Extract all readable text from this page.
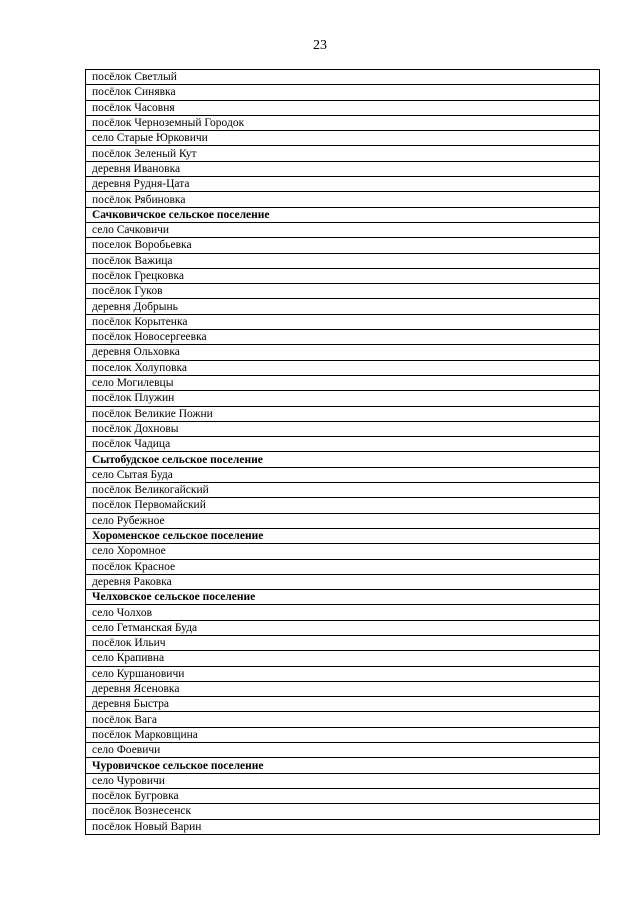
23
посёлок Светлый
посёлок Синявка
посёлок Часовня
посёлок Черноземный Городок
село Старые Юрковичи
посёлок Зеленый Кут
деревня Ивановка
деревня Рудня-Цата
посёлок Рябиновка
Сачковичское сельское поселение
село Сачковичи
поселок Воробьевка
посёлок Важица
посёлок Грецковка
посёлок Гуков
деревня Добрынь
посёлок Корытенка
посёлок Новосергеевка
деревня Ольховка
поселок Холуповка
село Могилевцы
посёлок Плужин
посёлок Великие Пожни
посёлок Дохновы
посёлок Чадица
Сытобудское сельское поселение
село Сытая Буда
посёлок Великогайский
посёлок Первомайский
село Рубежное
Хороменское сельское поселение
село Хоромное
посёлок Красное
деревня Раковка
Челховское сельское поселение
село Чолхов
село Гетманская Буда
посёлок Ильич
село Крапивна
село Куршановичи
деревня Ясеновка
деревня Быстра
посёлок Вага
посёлок Марковщина
село Фоевичи
Чуровичское сельское поселение
село Чуровичи
посёлок Бугровка
посёлок Вознесенск
посёлок Новый Варин
